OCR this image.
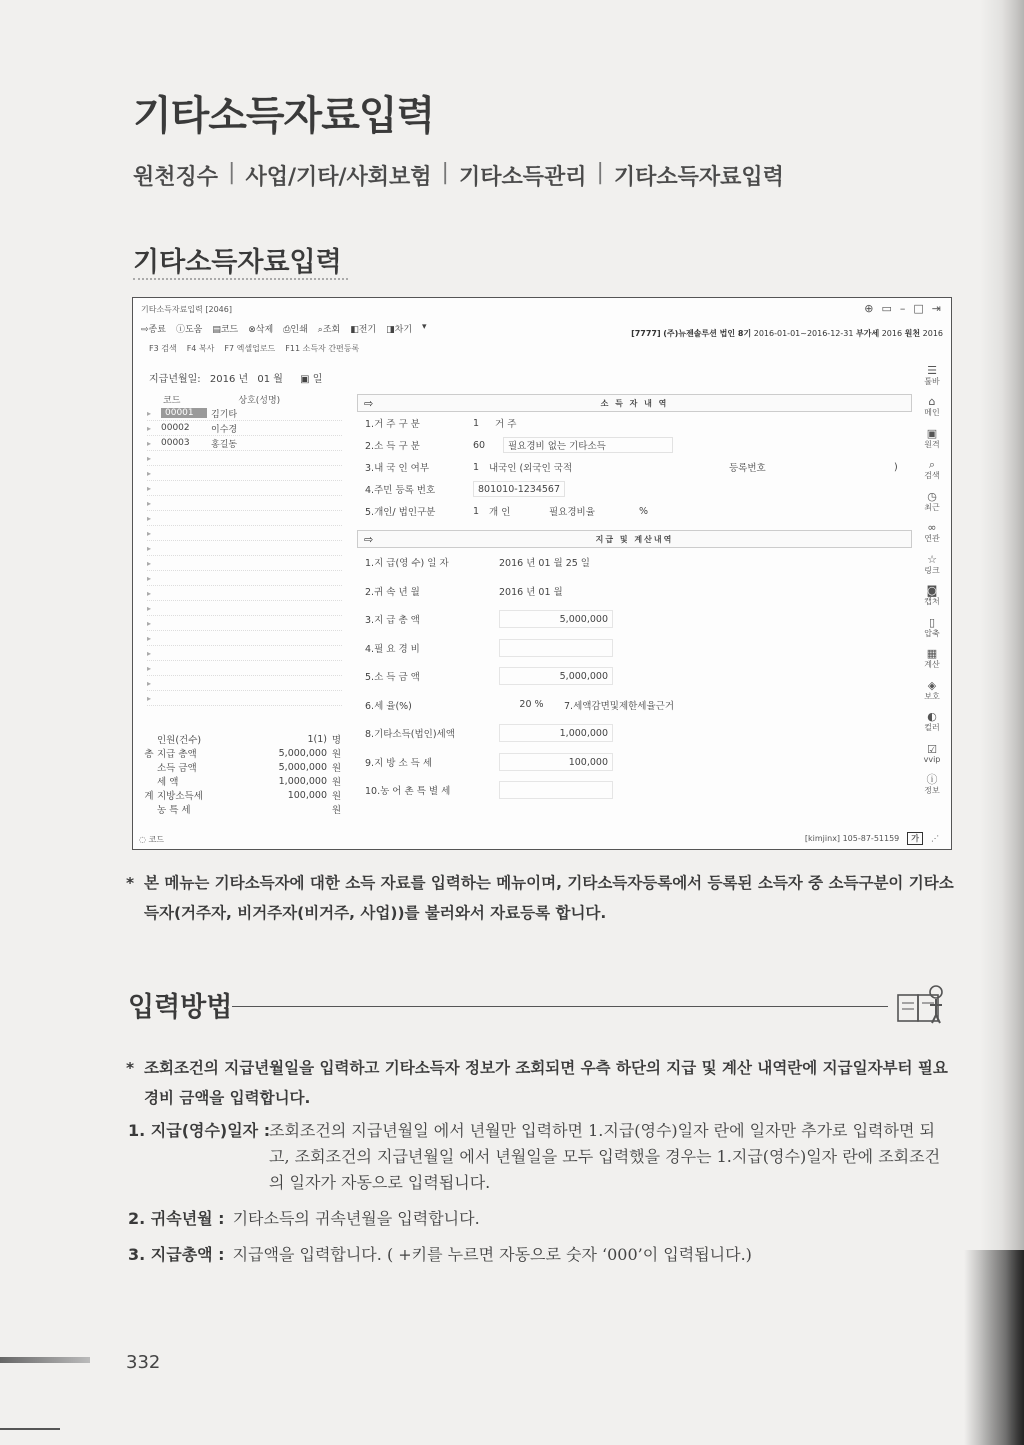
기타소득자료입력
원천징수 | 사업/기타/사회보험 | 기타소득관리 | 기타소득자료입력
기타소득자료입력
기타소득자료입력 [2046]	⊕ ▭ – □ ⇥
⇨종료 ⓘ도움 ▤코드 ⊗삭제 ⎙인쇄 ⌕조회 ◧전기 ◨차기 ▾
[7777] (주)뉴젠솔루션 법인 8기 2016-01-01~2016-12-31 부가세 2016 원천 2016
F3 검색 F4 복사 F7 엑셀업로드 F11 소득자 간편등록
지급년월일: 2016 년 01 월 ▣ 일
코드	상호(성명)
▸	00001	김기타
▸	00002	이수경
▸	00003	홍길동
▸
▸
▸
▸
▸
▸
▸
▸
▸
▸
▸
▸
▸
▸
▸
▸
▸
인원(건수)	1(1) 명
총 지급 총액	5,000,000 원
소득 금액	5,000,000 원
세 액	1,000,000 원
계 지방소득세	100,000 원
농 특 세	원
⇨	소 득 자 내 역
1.거 주 구 분	1	거 주
2.소 득 구 분	60	필요경비 없는 기타소득
3.내 국 인 여부	1	내국인 (외국인 국적	등록번호	)
4.주민 등록 번호	801010-1234567
5.개인/ 법인구분	1	개 인	필요경비율	%
⇨	지급 및 계산내역
1.지 급(영 수) 일 자	2016 년 01 월 25 일
2.귀 속 년 월	2016 년 01 월
3.지 급 총 액	5,000,000
4.필 요 경 비
5.소 득 금 액	5,000,000
6.세 율(%)	20 %	7.세액감면및제한세율근거
8.기타소득(법인)세액	1,000,000
9.지 방 소 득 세	100,000
10.농 어 촌 특 별 세
☰
툴바
⌂
메인
▣
원격
⌕
검색
◷
최근
∞
연관
☆
링크
◙
캡처
▯
압축
▦
계산
◈
보호
◐
컬러
☑
vvip
ⓘ
정보
◌ 코드	[kimjinx] 105-87-51159	가	⋰
* 본 메뉴는 기타소득자에 대한 소득 자료를 입력하는 메뉴이며, 기타소득자등록에서 등록된 소득자 중 소득구분이 기타소득자(거주자, 비거주자(비거주, 사업))를 불러와서 자료등록 합니다.
입력방법
* 조회조건의 지급년월일을 입력하고 기타소득자 정보가 조회되면 우측 하단의 지급 및 계산 내역란에 지급일자부터 필요경비 금액을 입력합니다.
1. 지급(영수)일자 :
조회조건의 지급년월일 에서 년월만 입력하면 1.지급(영수)일자 란에 일자만 추가로 입력하면 되고, 조회조건의 지급년월일 에서 년월일을 모두 입력했을 경우는 1.지급(영수)일자 란에 조회조건의 일자가 자동으로 입력됩니다.
2. 귀속년월 : 기타소득의 귀속년월을 입력합니다.
3. 지급총액 : 지급액을 입력합니다. ( +키를 누르면 자동으로 숫자 ‘000’이 입력됩니다.)
332
